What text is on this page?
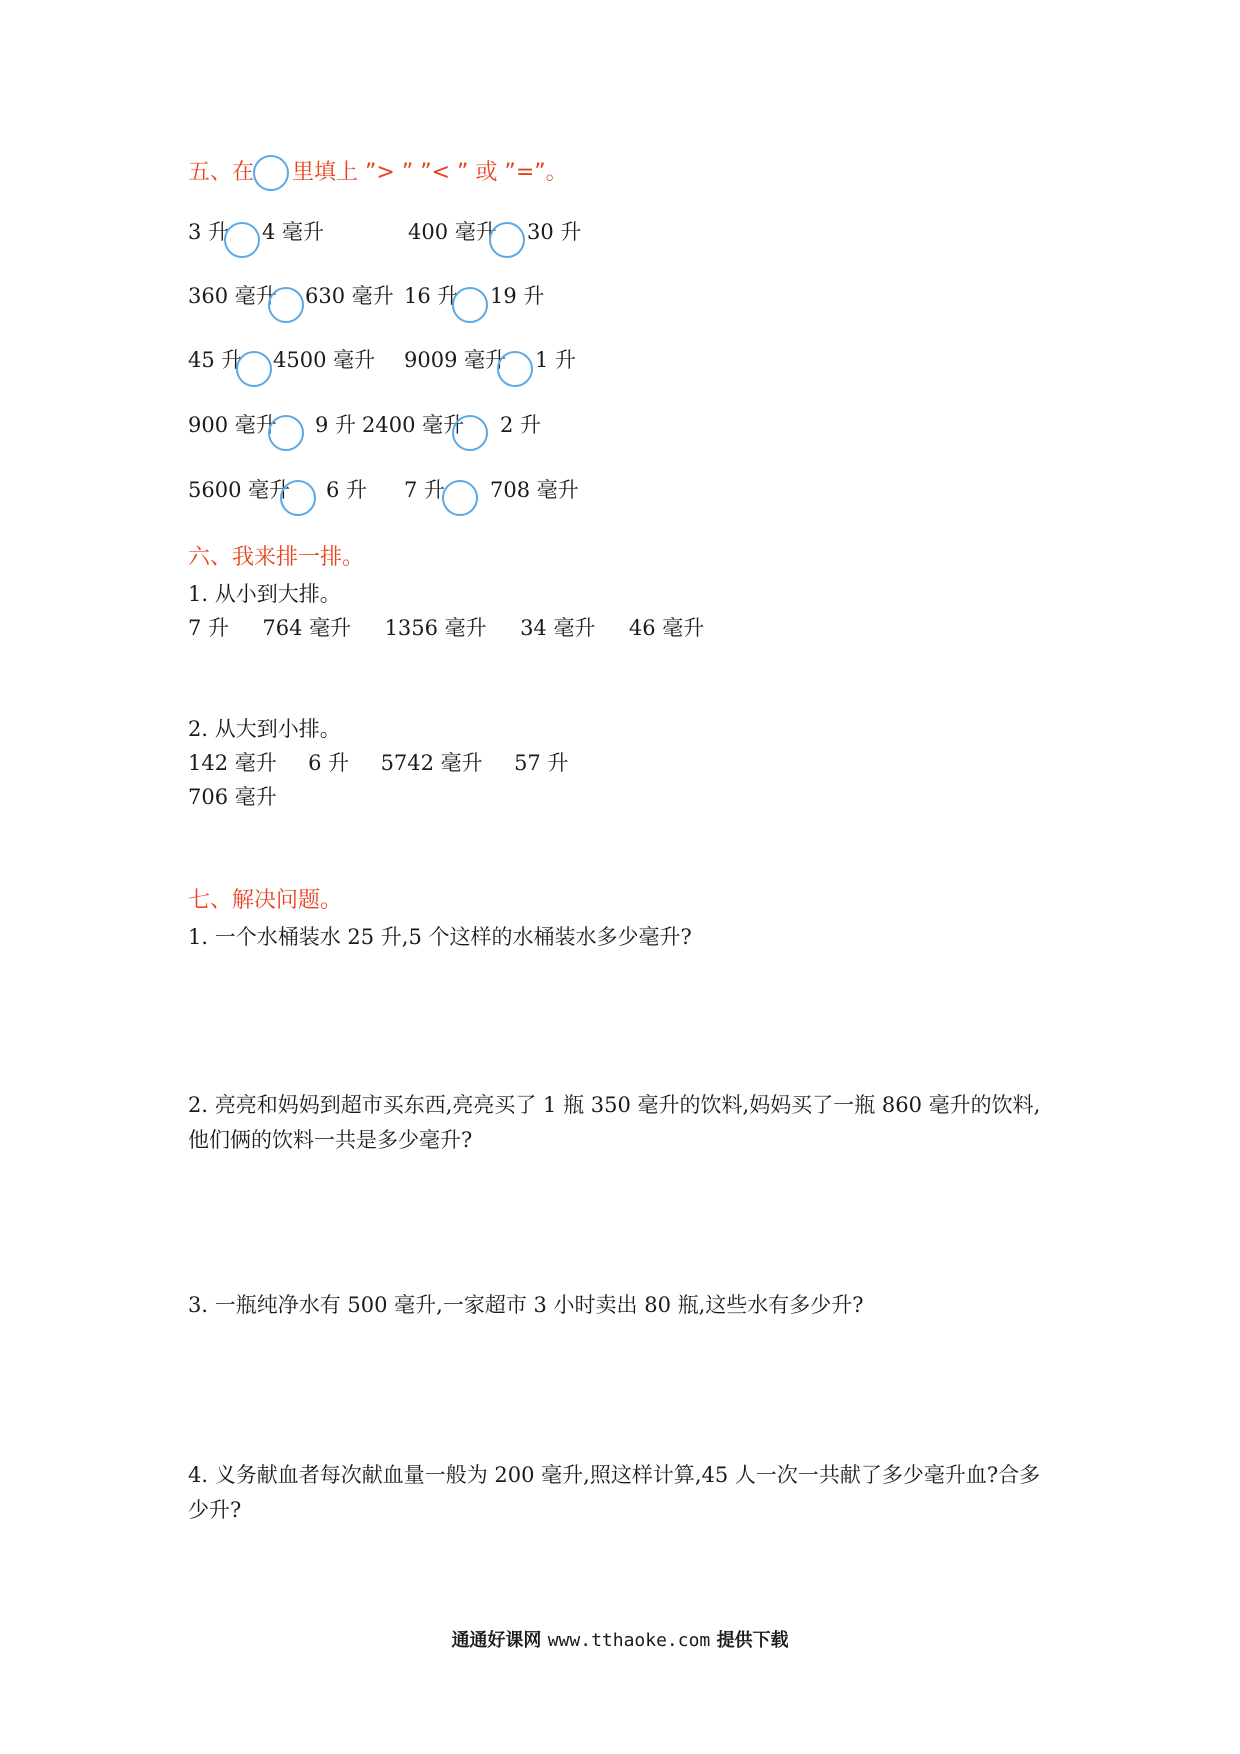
五、在 里填上 ”> ” ”< ” 或 ”=”。
3 升 4 毫升	400 毫升 30 升
360 毫升 630 毫升 16 升 19 升
45 升 4500 毫升 9009 毫升 1 升
900 毫升 9 升 2400 毫升 2 升
5600 毫升 6 升 7 升 708 毫升
六、我来排一排。
1. 从小到大排。
7 升 764 毫升 1356 毫升 34 毫升 46 毫升
2. 从大到小排。
142 毫升 6 升 5742 毫升 57 升
706 毫升
七、解决问题。
1. 一个水桶装水 25 升,5 个这样的水桶装水多少毫升?
2. 亮亮和妈妈到超市买东西,亮亮买了 1 瓶 350 毫升的饮料,妈妈买了一瓶 860 毫升的饮料,
他们俩的饮料一共是多少毫升?
3. 一瓶纯净水有 500 毫升,一家超市 3 小时卖出 80 瓶,这些水有多少升?
4. 义务献血者每次献血量一般为 200 毫升,照这样计算,45 人一次一共献了多少毫升血?合多
少升?
通通好课网 www.tthaoke.com 提供下载
